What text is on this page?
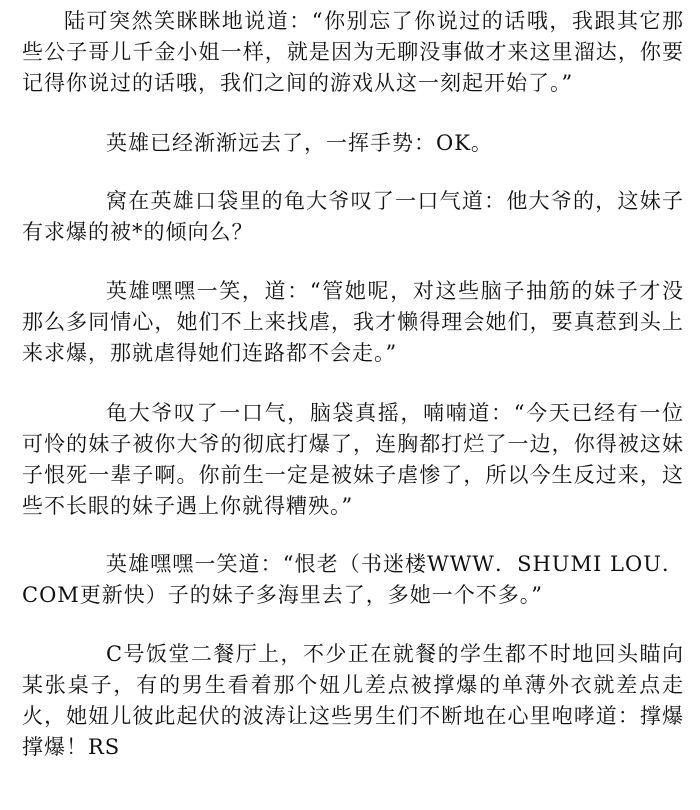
陆可突然笑眯眯地说道：“你别忘了你说过的话哦，我跟其它那些公子哥儿千金小姐一样，就是因为无聊没事做才来这里溜达，你要记得你说过的话哦，我们之间的游戏从这一刻起开始了。”

英雄已经渐渐远去了，一挥手势：OK。

窝在英雄口袋里的龟大爷叹了一口气道：他大爷的，这妹子有求爆的被*的倾向么？

英雄嘿嘿一笑，道：“管她呢，对这些脑子抽筋的妹子才没那么多同情心，她们不上来找虐，我才懒得理会她们，要真惹到头上来求爆，那就虐得她们连路都不会走。”

龟大爷叹了一口气，脑袋真摇，喃喃道：“今天已经有一位可怜的妹子被你大爷的彻底打爆了，连胸都打烂了一边，你得被这妹子恨死一辈子啊。你前生一定是被妹子虐惨了，所以今生反过来，这些不长眼的妹子遇上你就得糟殃。”

英雄嘿嘿一笑道：“恨老（书迷楼WWW．SHUMI LOU．COM更新快）子的妹子多海里去了，多她一个不多。”

C号饭堂二餐厅上，不少正在就餐的学生都不时地回头瞄向某张桌子，有的男生看着那个妞儿差点被撑爆的单薄外衣就差点走火，她妞儿彼此起伏的波涛让这些男生们不断地在心里咆哮道：撑爆撑爆！RS
